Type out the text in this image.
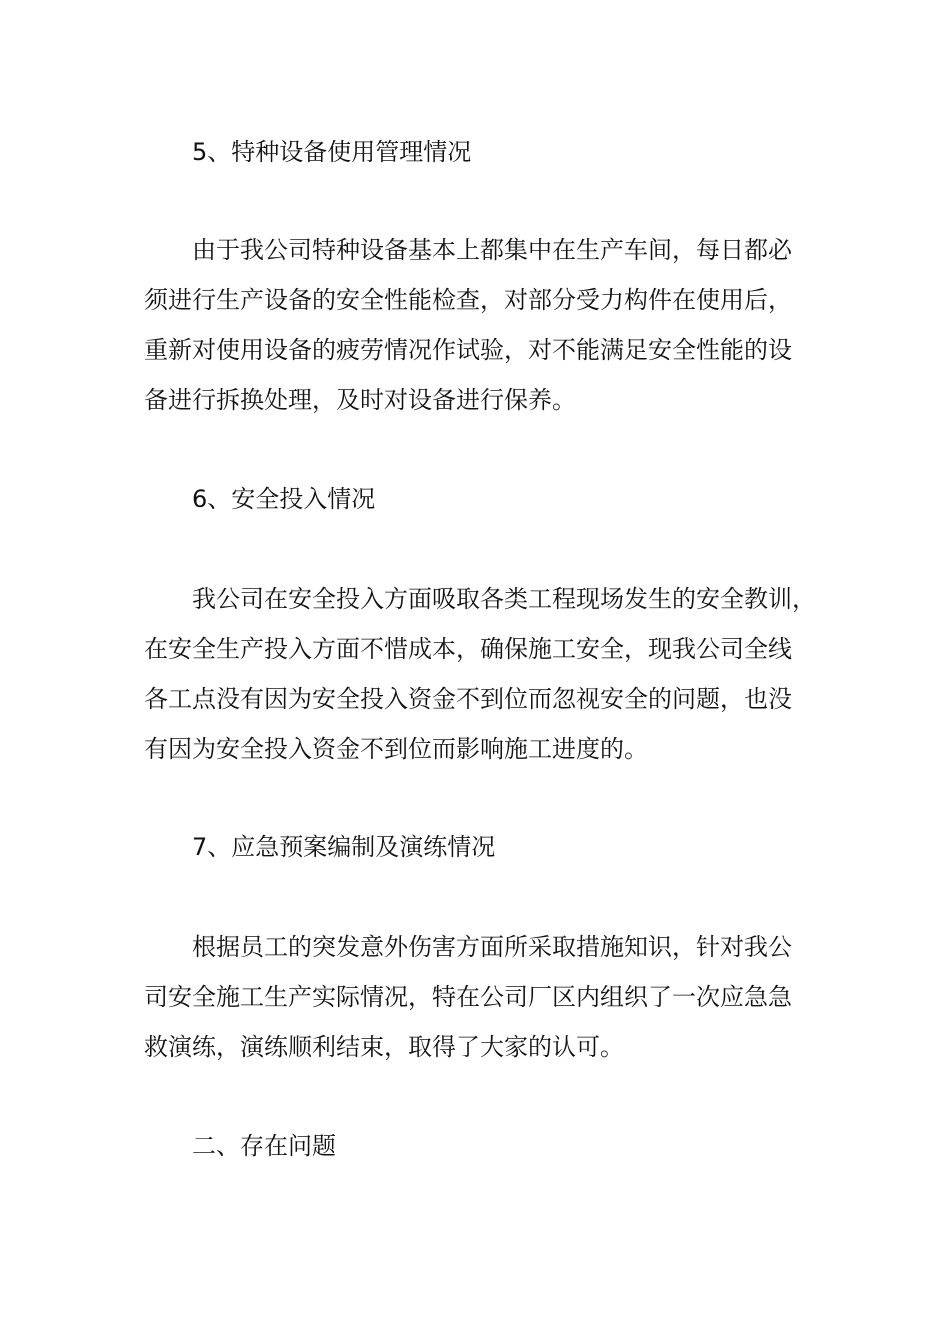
5、特种设备使用管理情况
由于我公司特种设备基本上都集中在生产车间，每日都必
须进行生产设备的安全性能检查，对部分受力构件在使用后，
重新对使用设备的疲劳情况作试验，对不能满足安全性能的设
备进行拆换处理，及时对设备进行保养。
6、安全投入情况
我公司在安全投入方面吸取各类工程现场发生的安全教训，
在安全生产投入方面不惜成本，确保施工安全，现我公司全线
各工点没有因为安全投入资金不到位而忽视安全的问题，也没
有因为安全投入资金不到位而影响施工进度的。
7、应急预案编制及演练情况
根据员工的突发意外伤害方面所采取措施知识，针对我公
司安全施工生产实际情况，特在公司厂区内组织了一次应急急
救演练，演练顺利结束，取得了大家的认可。
二、存在问题
